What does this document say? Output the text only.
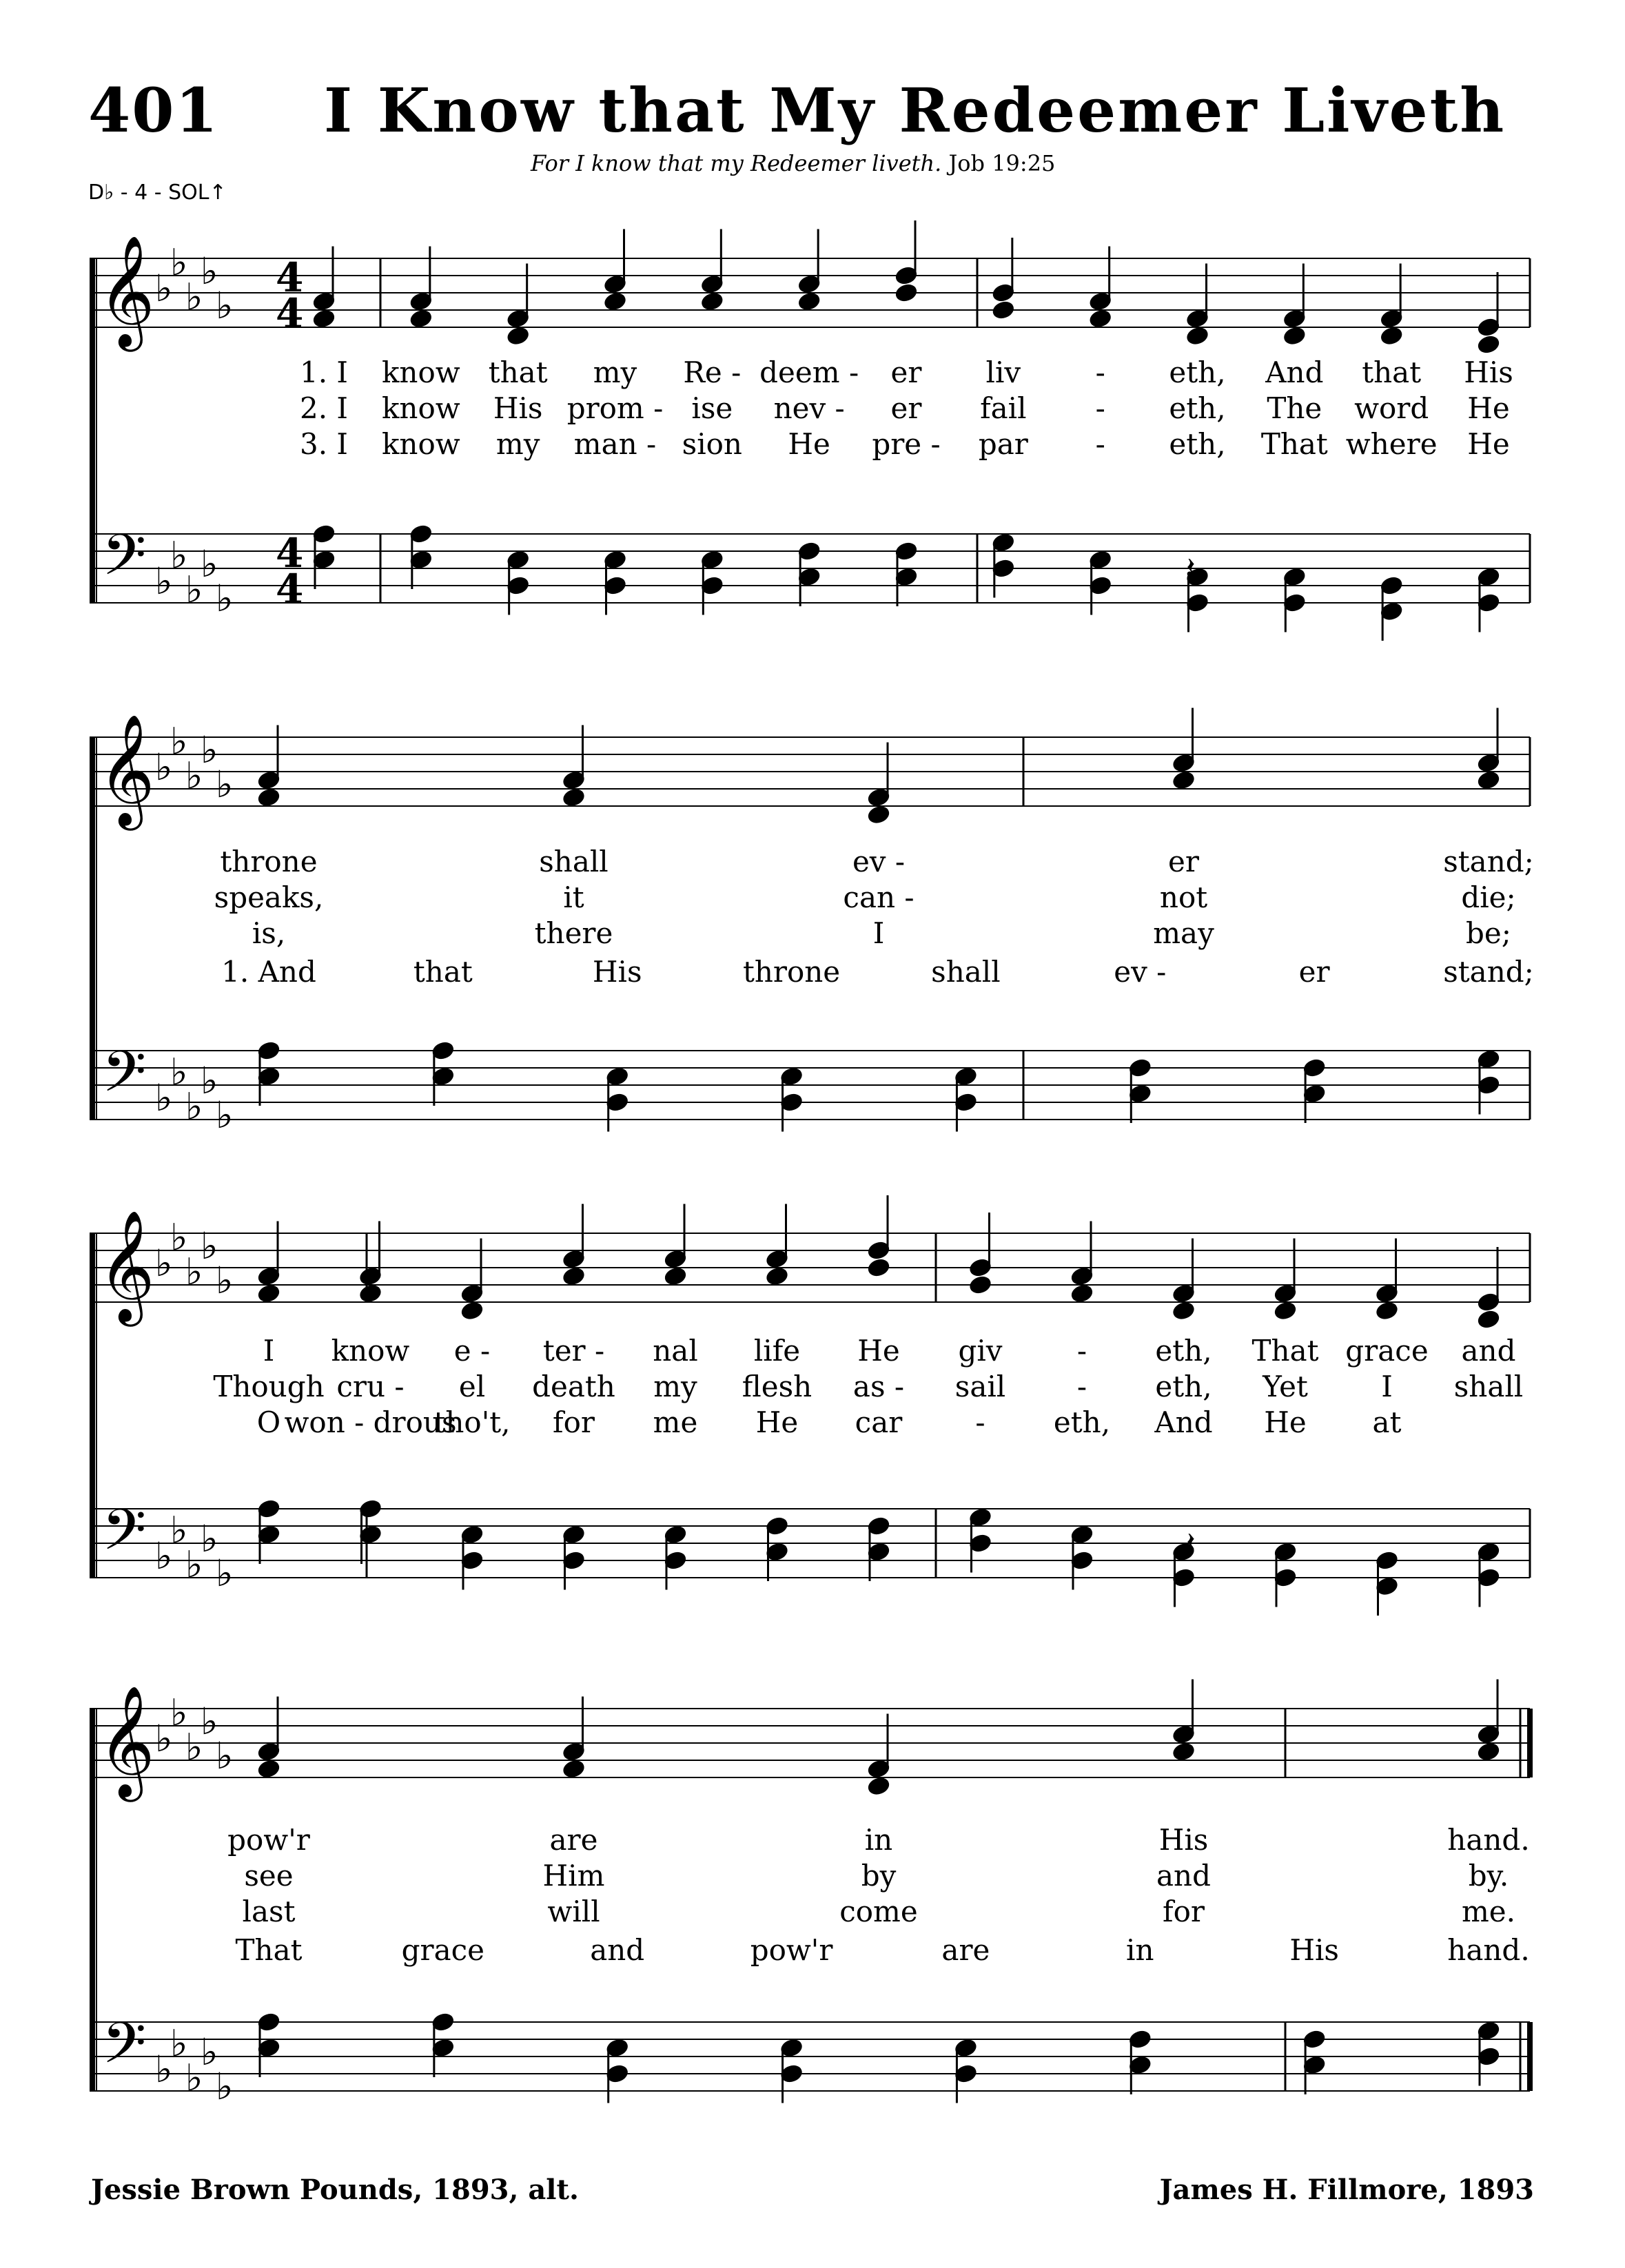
401 I Know that My Redeemer Liveth
For I know that my Redeemer liveth. Job 19:25
D♭ - 4 - SOL↑
𝄞
𝄢
♭
♭
♭
♭
♭
♭
♭
♭
♭
♭
4
4
4
4
𝄞
𝄢
♭
♭
♭
♭
♭
♭
♭
♭
♭
♭
𝄞
𝄢
♭
♭
♭
♭
♭
♭
♭
♭
♭
♭
𝄞
𝄢
♭
♭
♭
♭
♭
♭
♭
♭
♭
♭
𝄽
𝄽
1. I know that my Re - deem - er liv	- eth, And that His
2. I know His prom - ise nev - er fail - eth, The word He
3. I know my man - sion He pre - par - eth, That where He
throne	shall	ev -	er	stand;
speaks,	it	can -	not	die;
is,	there	I	may	be;
1. And	that	His	throne	shall	ev -	er	stand;
I know e - ter - nal life He giv	- eth, That grace and
Though cru - el death my flesh as - sail - eth, Yet	I shall
O won - drous
tho't, for me He car	- eth, And He at
pow'r	are	in	His	hand.
see	Him	by	and	by.
last	will	come	for	me.
That	grace	and	pow'r	are	in	His	hand.
Jessie Brown Pounds, 1893, alt.	James H. Fillmore, 1893
